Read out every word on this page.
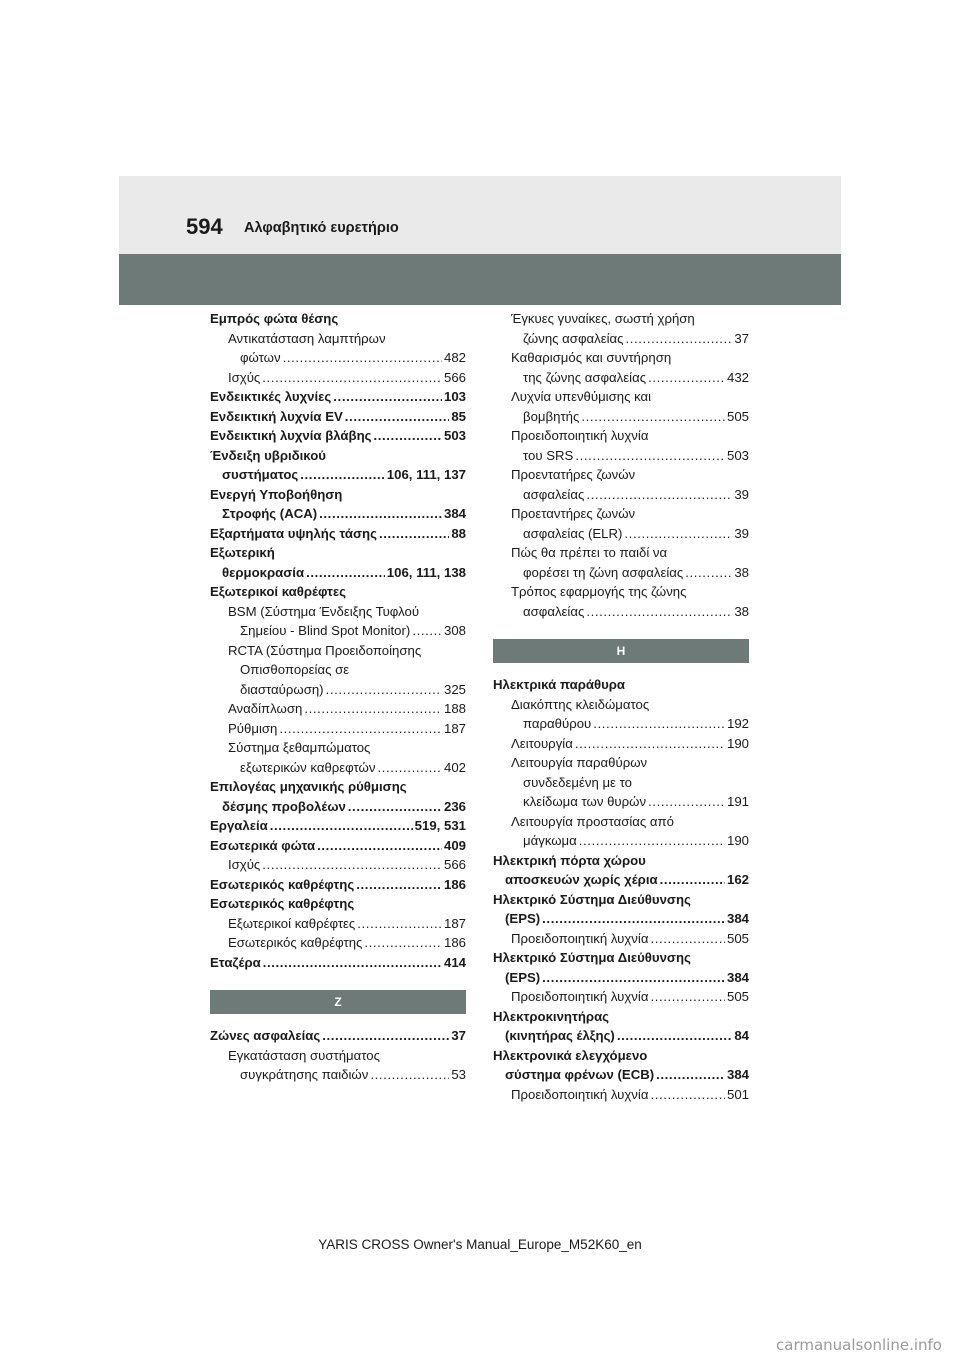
594 Αλφαβητικό ευρετήριο
Εμπρός φώτα θέσης
Αντικατάσταση λαμπτήρων
φώτων .....	482
Ισχύς .....	566
Ενδεικτικές λυχνίες .....	103
Ενδεικτική λυχνία EV .....	85
Ενδεικτική λυχνία βλάβης .....	503
Ένδειξη υβριδικού
συστήματος .....	106, 111, 137
Ενεργή Υποβοήθηση
Στροφής (ACA) .....	384
Εξαρτήματα υψηλής τάσης .....	88
Εξωτερική
θερμοκρασία .....	106, 111, 138
Εξωτερικοί καθρέφτες
BSM (Σύστημα Ένδειξης Τυφλού
Σημείου - Blind Spot Monitor) .....	308
RCTA (Σύστημα Προειδοποίησης
Οπισθοπορείας σε
διασταύρωση) .....	325
Αναδίπλωση .....	188
Ρύθμιση .....	187
Σύστημα ξεθαμπώματος
εξωτερικών καθρεφτών .....	402
Επιλογέας μηχανικής ρύθμισης
δέσμης προβολέων .....	236
Εργαλεία .....	519, 531
Εσωτερικά φώτα .....	409
Ισχύς .....	566
Εσωτερικός καθρέφτης .....	186
Εσωτερικός καθρέφτης
Εξωτερικοί καθρέφτες .....	187
Εσωτερικός καθρέφτης .....	186
Εταζέρα .....	414
Ζ
Ζώνες ασφαλείας .....	37
Εγκατάσταση συστήματος
συγκράτησης παιδιών .....	53
Έγκυες γυναίκες, σωστή χρήση
ζώνης ασφαλείας .....	37
Καθαρισμός και συντήρηση
της ζώνης ασφαλείας .....	432
Λυχνία υπενθύμισης και
βομβητής .....	505
Προειδοποιητική λυχνία
του SRS .....	503
Προεντατήρες ζωνών
ασφαλείας .....	39
Προεταντήρες ζωνών
ασφαλείας (ELR) .....	39
Πώς θα πρέπει το παιδί να
φορέσει τη ζώνη ασφαλείας .....	38
Τρόπος εφαρμογής της ζώνης
ασφαλείας .....	38
Η
Ηλεκτρικά παράθυρα
Διακόπτης κλειδώματος
παραθύρου .....	192
Λειτουργία .....	190
Λειτουργία παραθύρων
συνδεδεμένη με το
κλείδωμα των θυρών .....	191
Λειτουργία προστασίας από
μάγκωμα .....	190
Ηλεκτρική πόρτα χώρου
αποσκευών χωρίς χέρια .....	162
Ηλεκτρικό Σύστημα Διεύθυνσης
(EPS) .....	384
Προειδοποιητική λυχνία .....	505
Ηλεκτρικό Σύστημα Διεύθυνσης
(EPS) .....	384
Προειδοποιητική λυχνία .....	505
Ηλεκτροκινητήρας
(κινητήρας έλξης) .....	84
Ηλεκτρονικά ελεγχόμενο
σύστημα φρένων (ECB) .....	384
Προειδοποιητική λυχνία .....	501
YARIS CROSS Owner's Manual_Europe_M52K60_en
carmanualsonline.info
